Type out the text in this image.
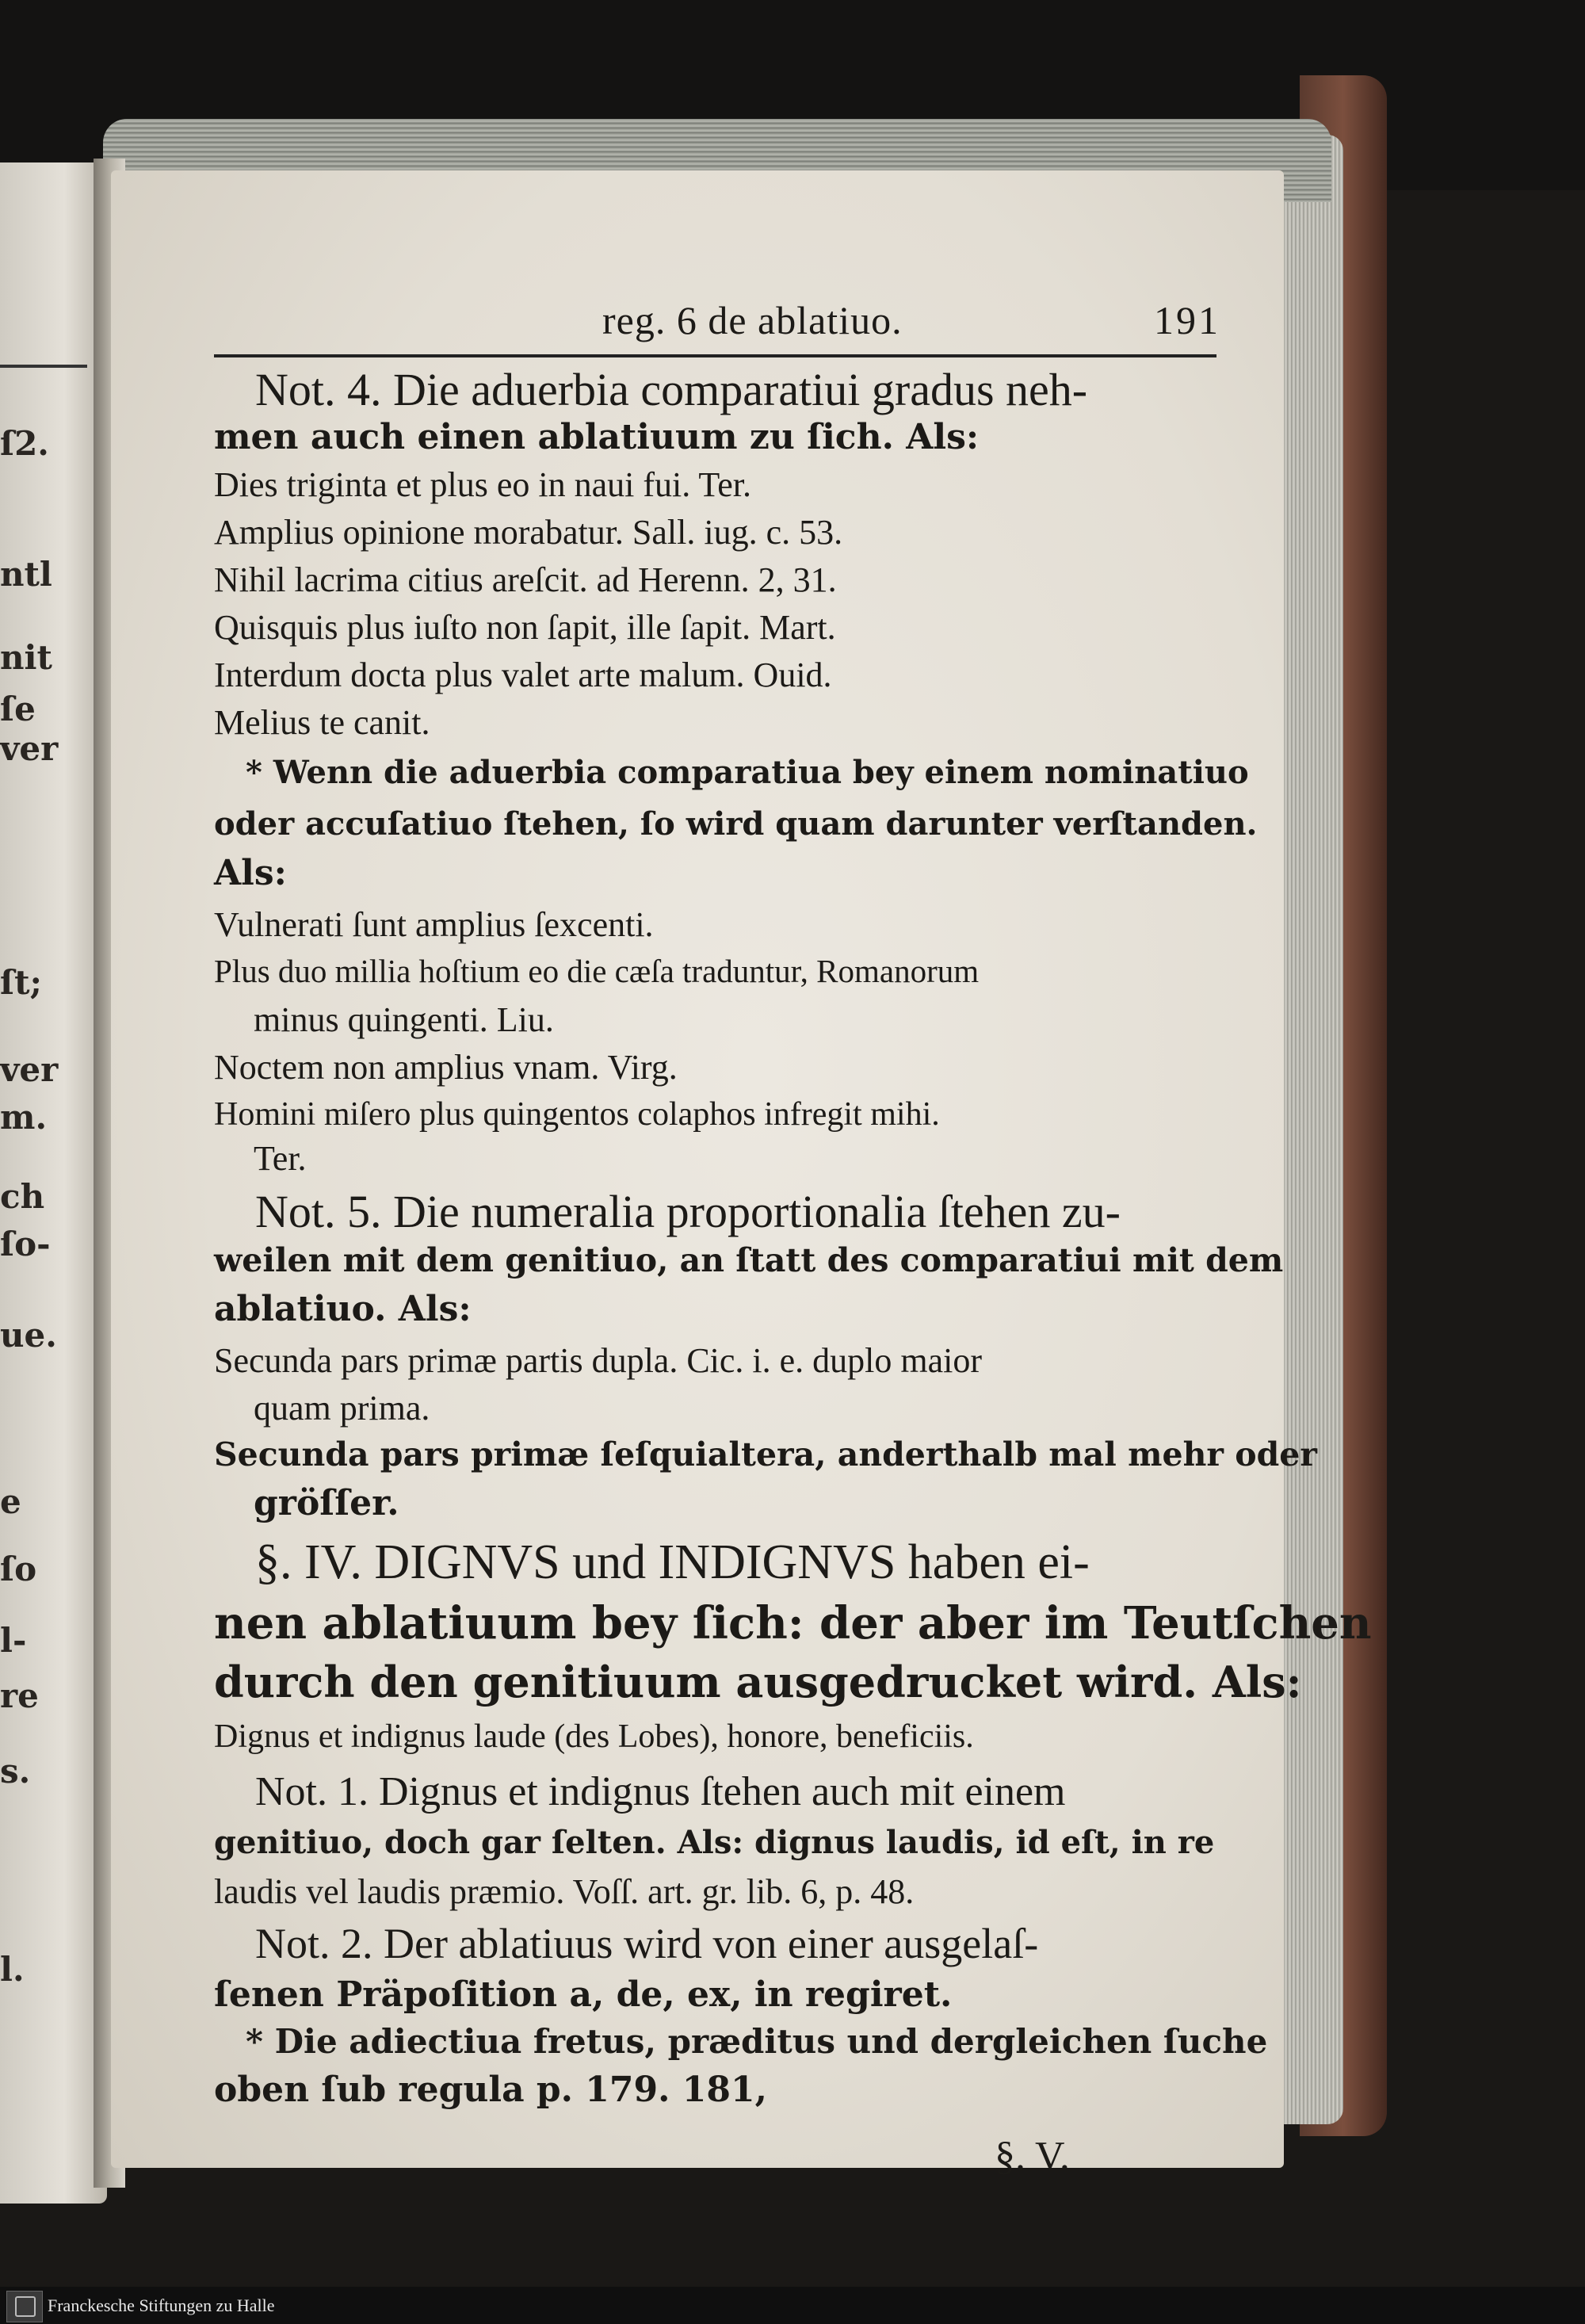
ſ2.
ntl
nit
ſe
ver
ſt;
ver
m.
ch
ſo-
ue.
e
ſo
l-
re
s.
l.
reg. 6 de ablatiuo.	191
Not. 4. Die aduerbia comparatiui gradus neh-
men auch einen ablatiuum zu ſich. Als:
Dies triginta et plus eo in naui fui. Ter.
Amplius opinione morabatur. Sall. iug. c. 53.
Nihil lacrima citius areſcit. ad Herenn. 2, 31.
Quisquis plus iuſto non ſapit, ille ſapit. Mart.
Interdum docta plus valet arte malum. Ouid.
Melius te canit.
* Wenn die aduerbia comparatiua bey einem nominatiuo
oder accuſatiuo ſtehen, ſo wird quam darunter verſtanden.
Als:
Vulnerati ſunt amplius ſexcenti.
Plus duo millia hoſtium eo die cæſa traduntur, Romanorum
minus quingenti. Liu.
Noctem non amplius vnam. Virg.
Homini miſero plus quingentos colaphos infregit mihi.
Ter.
Not. 5. Die numeralia proportionalia ſtehen zu-
weilen mit dem genitiuo, an ſtatt des comparatiui mit dem
ablatiuo. Als:
Secunda pars primæ partis dupla. Cic. i. e. duplo maior
quam prima.
Secunda pars primæ ſeſquialtera, anderthalb mal mehr oder
gröſſer.
§. IV. DIGNVS und INDIGNVS haben ei-
nen ablatiuum bey ſich: der aber im Teutſchen
durch den genitiuum ausgedrucket wird. Als:
Dignus et indignus laude (des Lobes), honore, beneficiis.
Not. 1. Dignus et indignus ſtehen auch mit einem
genitiuo, doch gar ſelten. Als: dignus laudis, id eſt, in re
laudis vel laudis præmio. Voſſ. art. gr. lib. 6, p. 48.
Not. 2. Der ablatiuus wird von einer ausgelaſ-
ſenen Präpoſition a, de, ex, in regiret.
* Die adiectiua fretus, præditus und dergleichen ſuche
oben ſub regula p. 179. 181,
§. V.
Franckesche Stiftungen zu Halle
